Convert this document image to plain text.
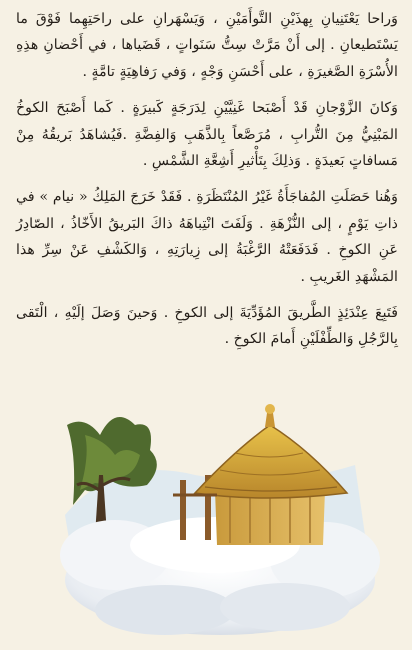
وَراحا يَعْتَنِيانِ بِهذَيْنِ التَّوأَمَيْنِ ، وَيَسْهَرانِ على راحَتِهِما فَوْقَ ما يَسْتَطيعانِ . إلى أَنْ مَرَّتْ سِتُّ سَنَواتٍ ، قَضَياها ، في أَحْضانِ هذِهِ الأُسْرَةِ الصَّغيرَةِ ، على أَحْسَنِ وَجْهٍ ، وَفي رَفاهِيَةٍ تامَّةٍ .

وَكانَ الزَّوْجانِ قَدْ أَصْبَحا غَنِيَّيْنِ لِدَرَجَةٍ كَبيرَةٍ . كَما أَصْبَحَ الكوخُ المَبْنِيُّ مِنَ التُّرابِ ، مُرَصَّعاً بِالذَّهَبِ وَالفِضَّةِ .فَيُشاهَدُ بَريقُهُ مِنْ مَسافاتٍ بَعيدَةٍ . وَذلِكَ بِتَأْثيرِ أَشِعَّةِ الشَّمْسِ .

وَهُنا حَصَلَتِ المُفاجَأَةُ غَيْرُ المُنْتَظَرَةِ . فَقَدْ خَرَجَ المَلِكُ « نيام » في ذاتِ يَوْمٍ ، إلى النُّزْهَةِ . وَلَفَتَ انْتِباهَهُ ذاكَ البَريقُ الأَخّاذُ ، الصّادِرُ عَنِ الكوخِ . فَدَفَعَتْهُ الرَّغْبَةُ إلى زِيارَتِهِ ، وَالكَشْفِ عَنْ سِرِّ هذا المَشْهَدِ الغَريبِ .

فَتَبِعَ عِنْدَئِذٍ الطَّريقَ المُؤَدِّيَةَ إلى الكوخِ . وَحينَ وَصَلَ إلَيْهِ ، الْتَقى بِالرَّجُلِ وَالطِّفْلَيْنِ أَمامَ الكوخِ .
